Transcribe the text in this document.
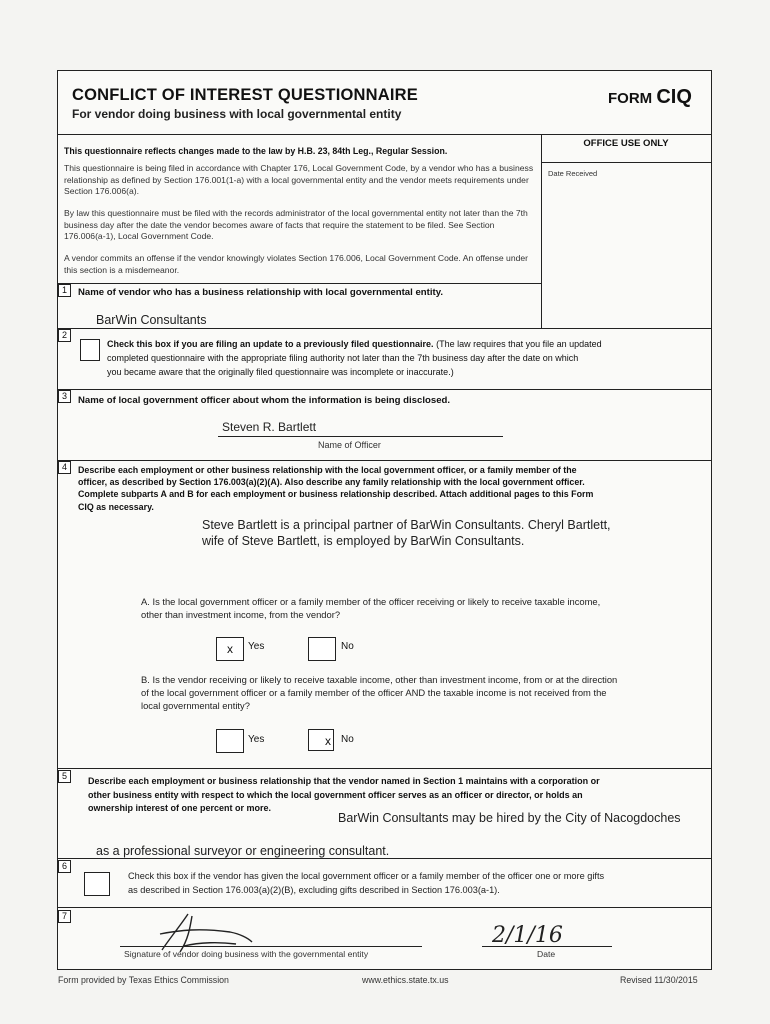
CONFLICT OF INTEREST QUESTIONNAIRE
For vendor doing business with local governmental entity
FORM CIQ
OFFICE USE ONLY
Date Received
This questionnaire reflects changes made to the law by H.B. 23, 84th Leg., Regular Session.
This questionnaire is being filed in accordance with Chapter 176, Local Government Code, by a vendor who has a business relationship as defined by Section 176.001(1-a) with a local governmental entity and the vendor meets requirements under Section 176.006(a).
By law this questionnaire must be filed with the records administrator of the local governmental entity not later than the 7th business day after the date the vendor becomes aware of facts that require the statement to be filed. See Section 176.006(a-1), Local Government Code.
A vendor commits an offense if the vendor knowingly violates Section 176.006, Local Government Code. An offense under this section is a misdemeanor.
1	Name of vendor who has a business relationship with local governmental entity.
BarWin Consultants
2
Check this box if you are filing an update to a previously filed questionnaire. (The law requires that you file an updated
completed questionnaire with the appropriate filing authority not later than the 7th business day after the date on which
you became aware that the originally filed questionnaire was incomplete or inaccurate.)
3	Name of local government officer about whom the information is being disclosed.
Steven R. Bartlett
Name of Officer
4	Describe each employment or other business relationship with the local government officer, or a family member of the
officer, as described by Section 176.003(a)(2)(A). Also describe any family relationship with the local government officer.
Complete subparts A and B for each employment or business relationship described. Attach additional pages to this Form
CIQ as necessary.
Steve Bartlett is a principal partner of BarWin Consultants. Cheryl Bartlett,
wife of Steve Bartlett, is employed by BarWin Consultants.
A. Is the local government officer or a family member of the officer receiving or likely to receive taxable income,
other than investment income, from the vendor?
x	Yes	No
B. Is the vendor receiving or likely to receive taxable income, other than investment income, from or at the direction
of the local government officer or a family member of the officer AND the taxable income is not received from the
local governmental entity?
Yes	x	No
5	Describe each employment or business relationship that the vendor named in Section 1 maintains with a corporation or
other business entity with respect to which the local government officer serves as an officer or director, or holds an
ownership interest of one percent or more.
BarWin Consultants may be hired by the City of Nacogdoches
as a professional surveyor or engineering consultant.
6
Check this box if the vendor has given the local government officer or a family member of the officer one or more gifts
as described in Section 176.003(a)(2)(B), excluding gifts described in Section 176.003(a-1).
7
Signature of vendor doing business with the governmental entity
2/1/16
Date
Form provided by Texas Ethics Commission	www.ethics.state.tx.us	Revised 11/30/2015
